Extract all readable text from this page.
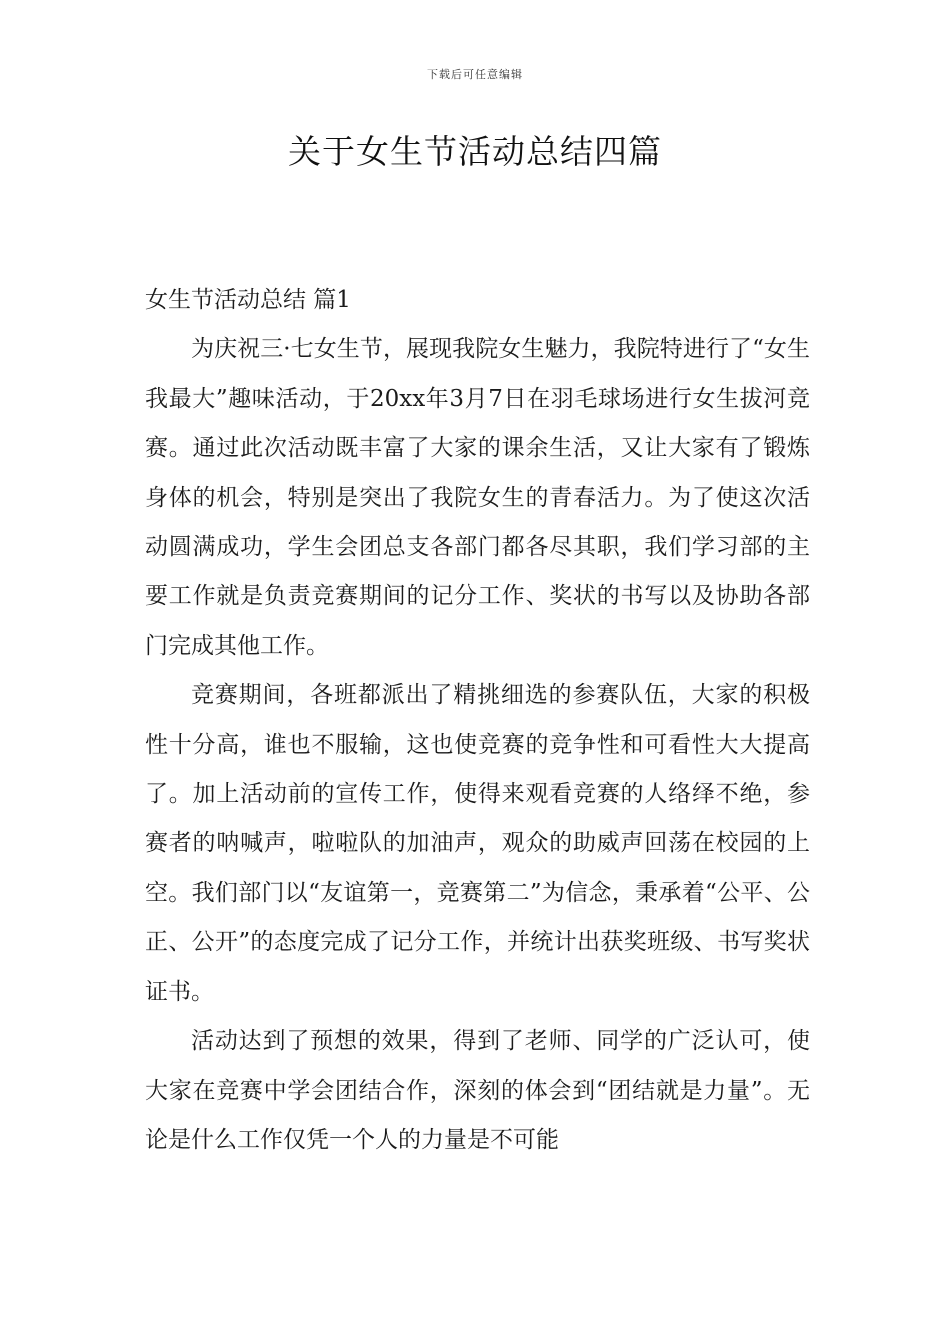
下载后可任意编辑
关于女生节活动总结四篇
女生节活动总结 篇1

为庆祝三·七女生节，展现我院女生魅力，我院特进行了“女生我最大”趣味活动，于20xx年3月7日在羽毛球场进行女生拔河竞赛。通过此次活动既丰富了大家的课余生活，又让大家有了锻炼身体的机会，特别是突出了我院女生的青春活力。为了使这次活动圆满成功，学生会团总支各部门都各尽其职，我们学习部的主要工作就是负责竞赛期间的记分工作、奖状的书写以及协助各部门完成其他工作。

竞赛期间，各班都派出了精挑细选的参赛队伍，大家的积极性十分高，谁也不服输，这也使竞赛的竞争性和可看性大大提高了。加上活动前的宣传工作，使得来观看竞赛的人络绎不绝，参赛者的呐喊声，啦啦队的加油声，观众的助威声回荡在校园的上空。我们部门以“友谊第一，竞赛第二”为信念，秉承着“公平、公正、公开”的态度完成了记分工作，并统计出获奖班级、书写奖状证书。

活动达到了预想的效果，得到了老师、同学的广泛认可，使大家在竞赛中学会团结合作，深刻的体会到“团结就是力量”。无论是什么工作仅凭一个人的力量是不可能
